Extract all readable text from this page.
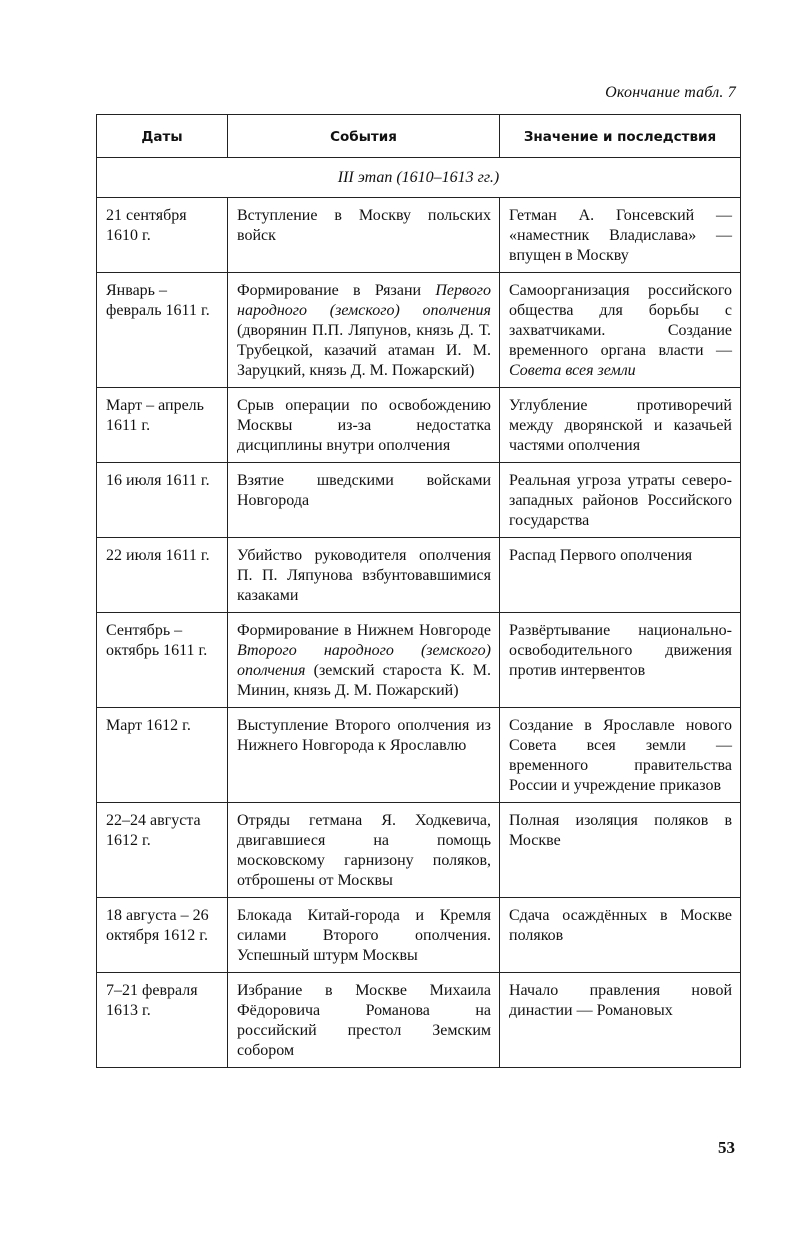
Окончание табл. 7
Даты	События	Значение и последствия
III этап (1610–1613 гг.)		
21 сентября 1610 г.	Вступление в Москву польских войск	Гетман А. Гонсевский — «наместник Владислава» — впущен в Москву
Январь – февраль 1611 г.	Формирование в Рязани Первого народного (земского) ополчения (дворянин П.П. Ляпунов, князь Д. Т. Трубецкой, казачий атаман И. М. Заруцкий, князь Д. М. Пожарский)	Самоорганизация российского общества для борьбы с захватчиками. Создание временного органа власти — Совета всея земли
Март – апрель 1611 г.	Срыв операции по освобождению Москвы из-за недостатка дисциплины внутри ополчения	Углубление противоречий между дворянской и казачьей частями ополчения
16 июля 1611 г.	Взятие шведскими войсками Новгорода	Реальная угроза утраты северо-западных районов Российского государства
22 июля 1611 г.	Убийство руководителя ополчения П. П. Ляпунова взбунтовавшимися казаками	Распад Первого ополчения
Сентябрь – октябрь 1611 г.	Формирование в Нижнем Новгороде Второго народного (земского) ополчения (земский староста К. М. Минин, князь Д. М. Пожарский)	Развёртывание национально-освободительного движения против интервентов
Март 1612 г.	Выступление Второго ополчения из Нижнего Новгорода к Ярославлю	Создание в Ярославле нового Совета всея земли — временного правительства России и учреждение приказов
22–24 августа 1612 г.	Отряды гетмана Я. Ходкевича, двигавшиеся на помощь московскому гарнизону поляков, отброшены от Москвы	Полная изоляция поляков в Москве
18 августа – 26 октября 1612 г.	Блокада Китай-города и Кремля силами Второго ополчения. Успешный штурм Москвы	Сдача осаждённых в Москве поляков
7–21 февраля 1613 г.	Избрание в Москве Михаила Фёдоровича Романова на российский престол Земским собором	Начало правления новой династии — Романовых
53
